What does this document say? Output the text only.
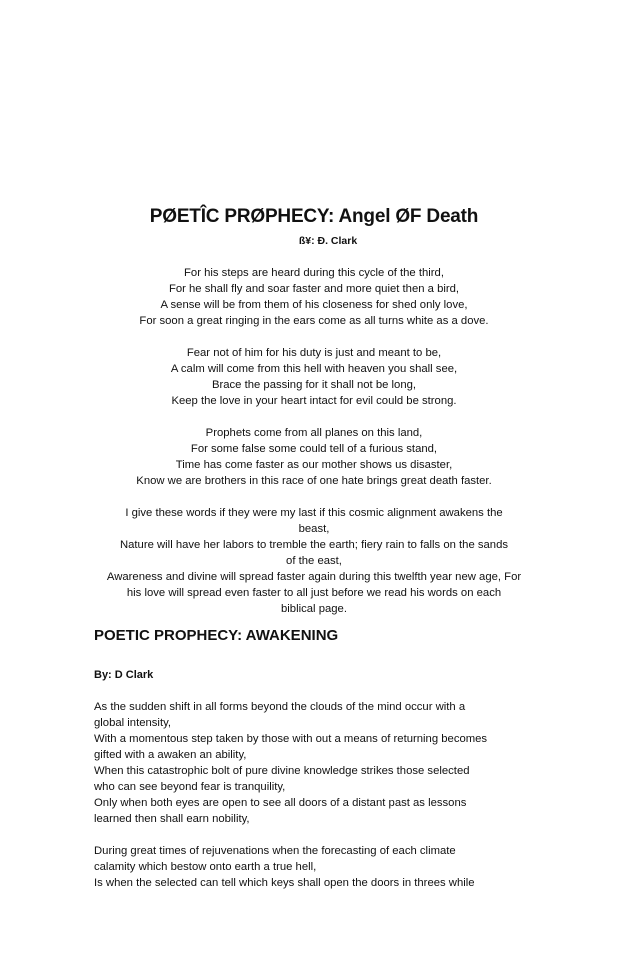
PØETÎC PRØPHECY: Angel ØF Death
ß¥: Ð. Clark
For his steps are heard during this cycle of the third,
For he shall fly and soar faster and more quiet then a bird,
A sense will be from them of his closeness for shed only love,
For soon a great ringing in the ears come as all turns white as a dove.
Fear not of him for his duty is just and meant to be,
A calm will come from this hell with heaven you shall see,
Brace the passing for it shall not be long,
Keep the love in your heart intact for evil could be strong.
Prophets come from all planes on this land,
For some false some could tell of a furious stand,
Time has come faster as our mother shows us disaster,
Know we are brothers in this race of one hate brings great death faster.
I give these words if they were my last if this cosmic alignment awakens the
beast,
Nature will have her labors to tremble the earth; fiery rain to falls on the sands
of the east,
Awareness and divine will spread faster again during this twelfth year new age, For
his love will spread even faster to all just before we read his words on each
biblical page.
POETIC PROPHECY: AWAKENING
By: D Clark
As the sudden shift in all forms beyond the clouds of the mind occur with a
global intensity,
With a momentous step taken by those with out a means of returning becomes
gifted with a awaken an ability,
When this catastrophic bolt of pure divine knowledge strikes those selected
who can see beyond fear is tranquility,
Only when both eyes are open to see all doors of a distant past as lessons
learned then shall earn nobility,
During great times of rejuvenations when the forecasting of each climate
calamity which bestow onto earth a true hell,
Is when the selected can tell which keys shall open the doors in threes while
